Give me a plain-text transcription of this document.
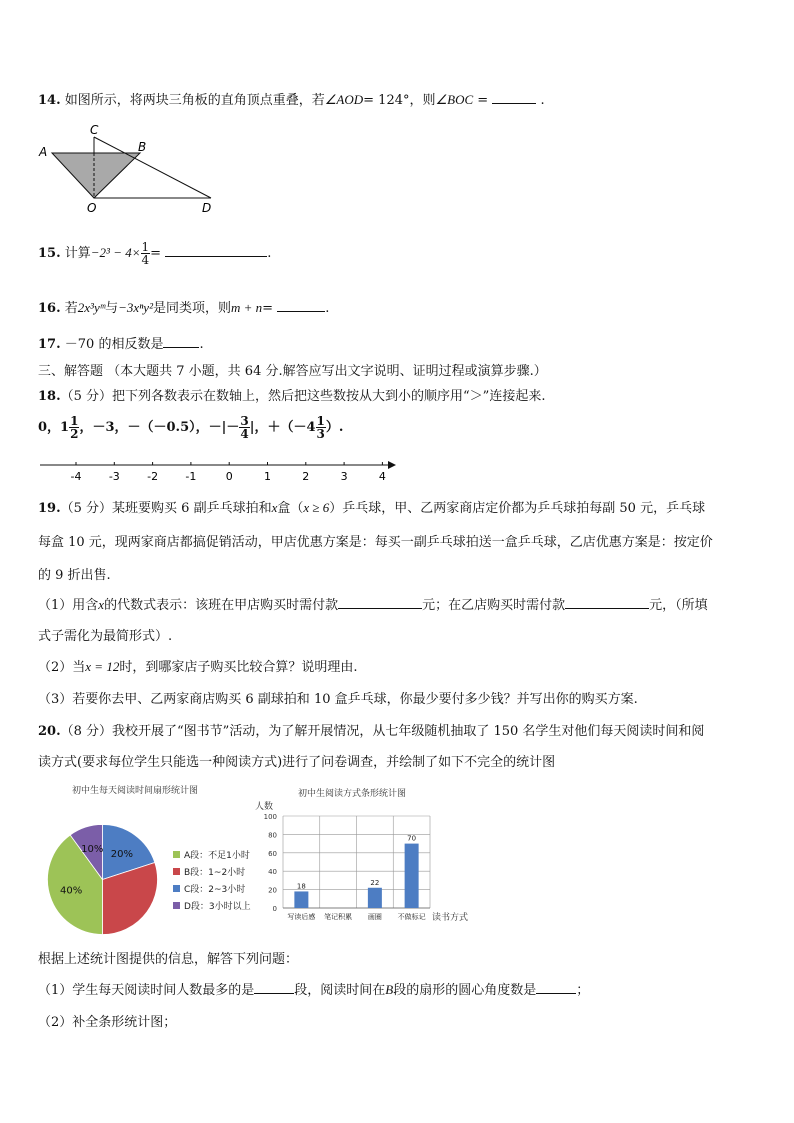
14. 如图所示，将两块三角板的直角顶点重叠，若∠AOD= 124°，则∠BOC =	.
A	B
C
O	D
15. 计算$-2^3 - 4\times \frac{1}{4}$ =	.
16. 若2x³yᵐ与−3xⁿy²是同类项，则m + n=	.
17. －70 的相反数是	.
三、解答题 （本大题共 7 小题，共 64 分.解答应写出文字说明、证明过程或演算步骤.）
18.（5 分）把下列各数表示在数轴上，然后把这些数按从大到小的顺序用“＞”连接起来.
0，$1 \frac{1}{2}$ ，－3，－（－0.5），－|－ $\frac{3}{4}$ |，$+(-4 \frac{1}{3}$ ）.
-4 -3 -2 -1	0	1	2	3	4
19.（5 分）某班要购买 6 副乒乓球拍和x盒（x ≥ 6）乒乓球，甲、乙两家商店定价都为乒乓球拍每副 50 元，乒乓球
每盒 10 元，现两家商店都搞促销活动，甲店优惠方案是：每买一副乒乓球拍送一盒乒乓球，乙店优惠方案是：按定价
的 9 折出售.
（1）用含x的代数式表示：该班在甲店购买时需付款	元；在乙店购买时需付款	元，（所填
式子需化为最简形式）.
（2）当x = 12时，到哪家店子购买比较合算？说明理由.
（3）若要你去甲、乙两家商店购买 6 副球拍和 10 盒乒乓球，你最少要付多少钱？并写出你的购买方案.
20.（8 分）我校开展了“图书节”活动，为了解开展情况，从七年级随机抽取了 150 名学生对他们每天阅读时间和阅
读方式(要求每位学生只能选一种阅读方式)进行了问卷调查，并绘制了如下不完全的统计图
初中生每天阅读时间扇形统计图
20%
40%
10%
A段：不足1小时
B段：1~2小时
C段：2~3小时
D段：3小时以上
初中生阅读方式条形统计图
人数
0
20
40
60
80
100
18
写读后感 笔记积累
22
画圈
70
不做标记 读书方式
根据上述统计图提供的信息，解答下列问题：
（1）学生每天阅读时间人数最多的是	段，阅读时间在B段的扇形的圆心角度数是	；
（2）补全条形统计图；
